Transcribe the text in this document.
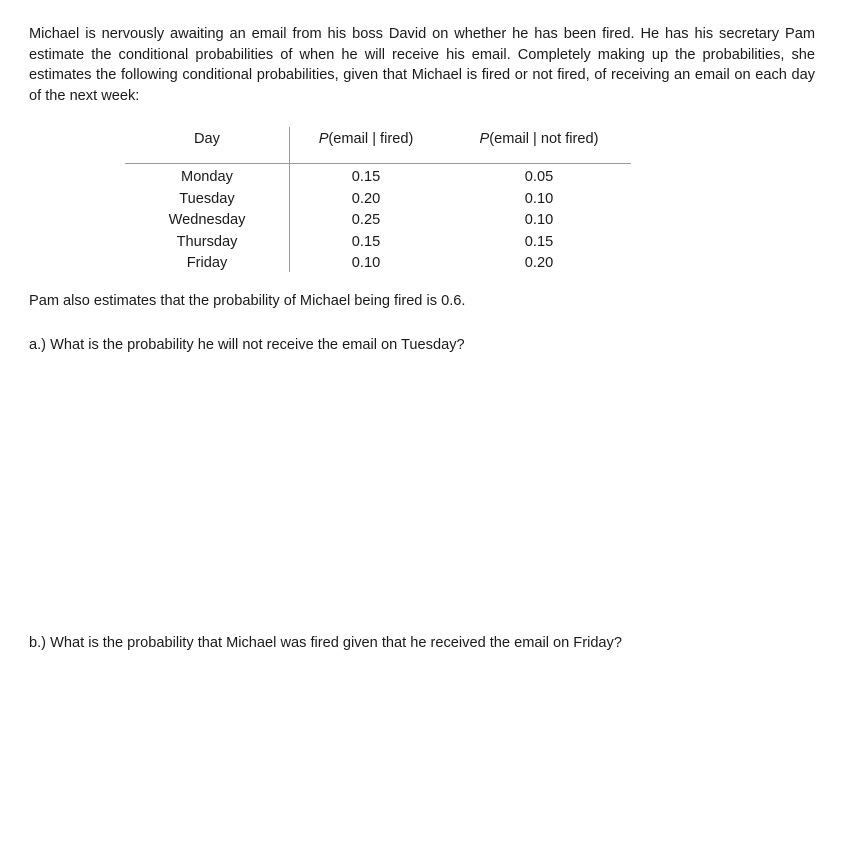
Michael is nervously awaiting an email from his boss David on whether he has been fired. He has his secretary Pam estimate the conditional probabilities of when he will receive his email. Completely making up the probabilities, she estimates the following conditional probabilities, given that Michael is fired or not fired, of receiving an email on each day of the next week:

Day	P(email | fired)	P(email | not fired)
Monday
Tuesday
Wednesday
Thursday
Friday
0.15
0.20
0.25
0.15
0.10
0.05
0.10
0.10
0.15
0.20

Pam also estimates that the probability of Michael being fired is 0.6.

a.) What is the probability he will not receive the email on Tuesday?

b.) What is the probability that Michael was fired given that he received the email on Friday?
